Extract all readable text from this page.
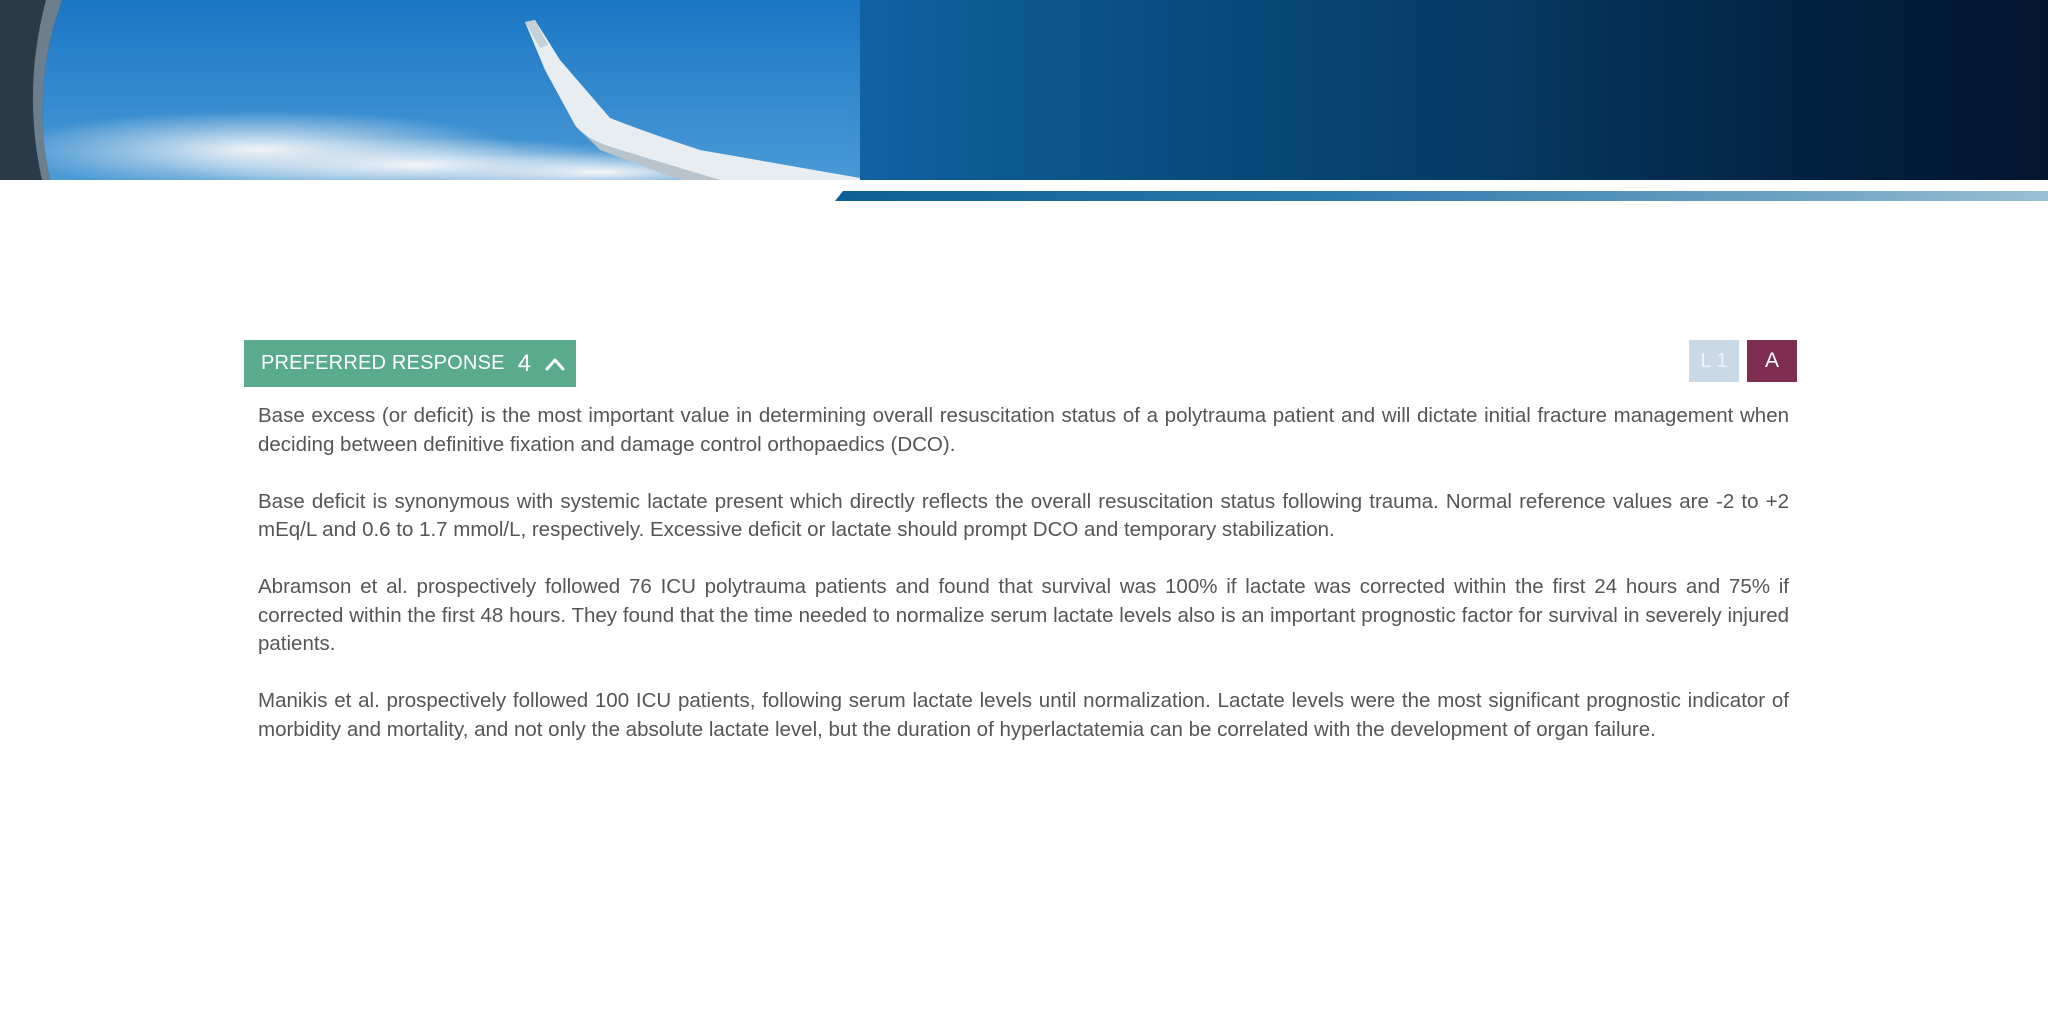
PREFERRED RESPONSE 4	L 1	A

Base excess (or deficit) is the most important value in determining overall resuscitation status of a polytrauma patient and will dictate initial fracture management when deciding between definitive fixation and damage control orthopaedics (DCO).

Base deficit is synonymous with systemic lactate present which directly reflects the overall resuscitation status following trauma. Normal reference values are -2 to +2 mEq/L and 0.6 to 1.7 mmol/L, respectively. Excessive deficit or lactate should prompt DCO and temporary stabilization.

Abramson et al. prospectively followed 76 ICU polytrauma patients and found that survival was 100% if lactate was corrected within the first 24 hours and 75% if corrected within the first 48 hours. They found that the time needed to normalize serum lactate levels also is an important prognostic factor for survival in severely injured patients.

Manikis et al. prospectively followed 100 ICU patients, following serum lactate levels until normalization. Lactate levels were the most significant prognostic indicator of morbidity and mortality, and not only the absolute lactate level, but the duration of hyperlactatemia can be correlated with the development of organ failure.
